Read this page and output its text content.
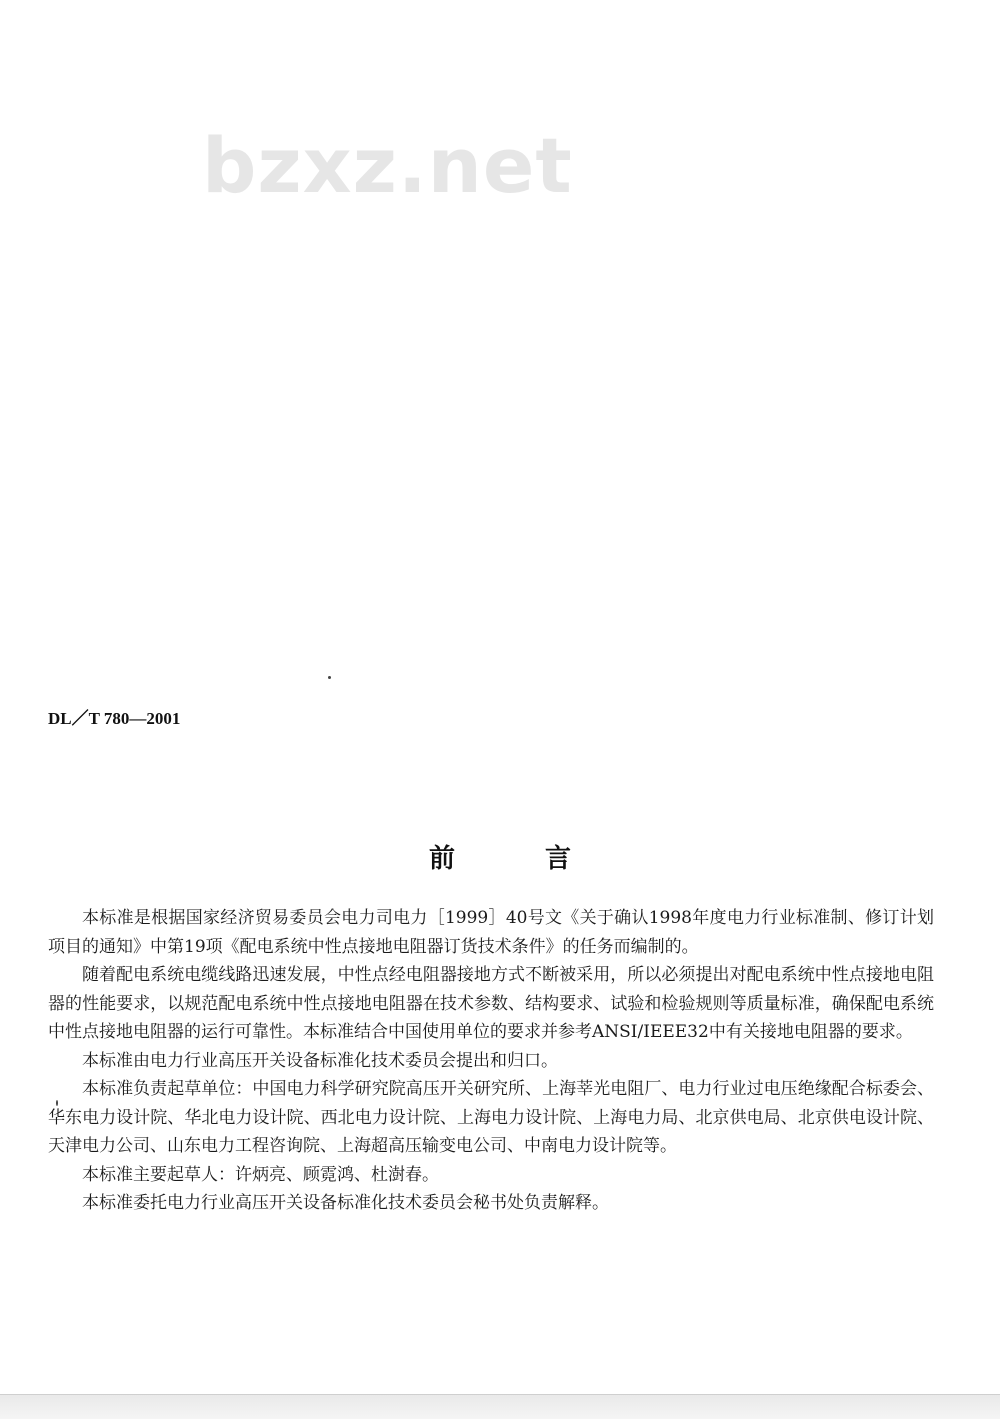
bzxz.net
DL／T 780—2001
前言

本标准是根据国家经济贸易委员会电力司电力［1999］40号文《关于确认1998年度电力行业标准制、修订计划项目的通知》中第19项《配电系统中性点接地电阻器订货技术条件》的任务而编制的。

随着配电系统电缆线路迅速发展，中性点经电阻器接地方式不断被采用，所以必须提出对配电系统中性点接地电阻器的性能要求，以规范配电系统中性点接地电阻器在技术参数、结构要求、试验和检验规则等质量标准，确保配电系统中性点接地电阻器的运行可靠性。本标准结合中国使用单位的要求并参考ANSI/IEEE32中有关接地电阻器的要求。

本标准由电力行业高压开关设备标准化技术委员会提出和归口。

本标准负责起草单位：中国电力科学研究院高压开关研究所、上海莘光电阻厂、电力行业过电压绝缘配合标委会、华东电力设计院、华北电力设计院、西北电力设计院、上海电力设计院、上海电力局、北京供电局、北京供电设计院、天津电力公司、山东电力工程咨询院、上海超高压输变电公司、中南电力设计院等。

本标准主要起草人：许炳亮、顾霓鸿、杜澍春。

本标准委托电力行业高压开关设备标准化技术委员会秘书处负责解释。
